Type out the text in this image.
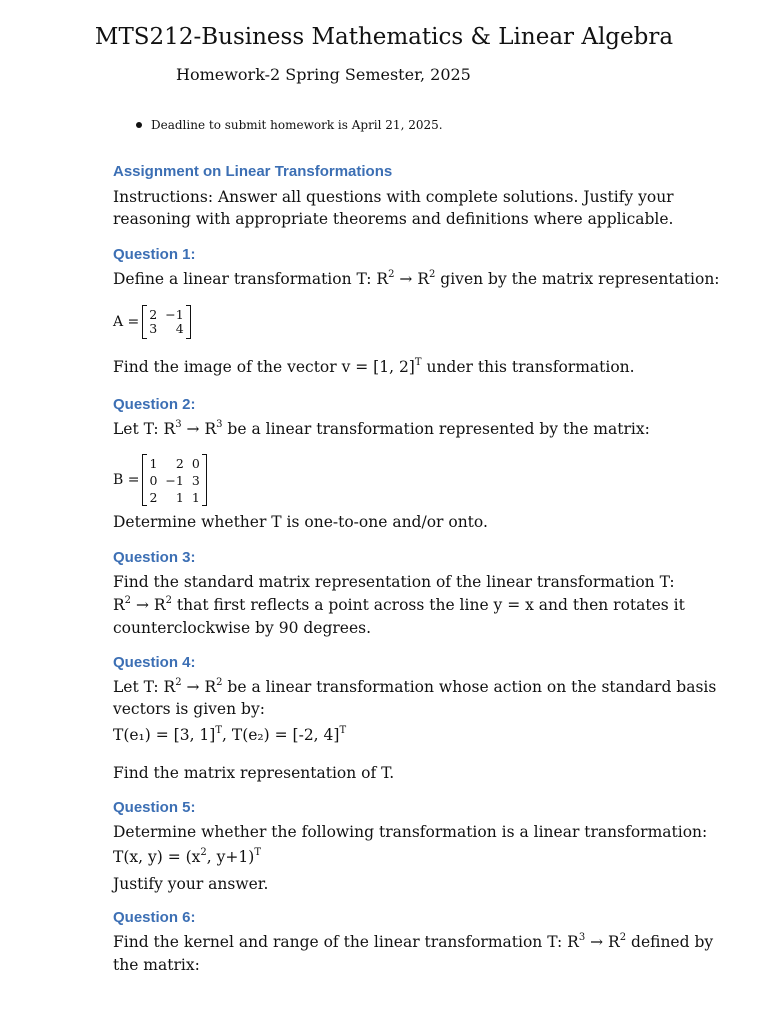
MTS212-Business Mathematics & Linear Algebra
Homework-2 Spring Semester, 2025
Deadline to submit homework is April 21, 2025.
Assignment on Linear Transformations
Instructions: Answer all questions with complete solutions. Justify your
reasoning with appropriate theorems and definitions where applicable.
Question 1:
Define a linear transformation T: $R^2 \to R^2$ given by the matrix representation:
A = 2 −1
3	4
Find the image of the vector v = [1, 2]$^T$ under this transformation.
Question 2:
Let T: $R^3 \to R^3$ be a linear transformation represented by the matrix:
B =
1	2 0
0 −1 3
2	1 1
Determine whether T is one-to-one and/or onto.
Question 3:
Find the standard matrix representation of the linear transformation T:
$R^2 \to R^2$ that first reflects a point across the line y = x and then rotates it
counterclockwise by 90 degrees.
Question 4:
Let T: $R^2 \to R^2$ be a linear transformation whose action on the standard basis
vectors is given by:
T(e₁) = [3, 1]$^T$, T(e₂) = [-2, 4]$^T$
Find the matrix representation of T.
Question 5:
Determine whether the following transformation is a linear transformation:
T(x, $y) = (x^2$, y+1)$^T$
Justify your answer.
Question 6:
Find the kernel and range of the linear transformation T: $R^3 \to R^2$ defined by
the matrix:
